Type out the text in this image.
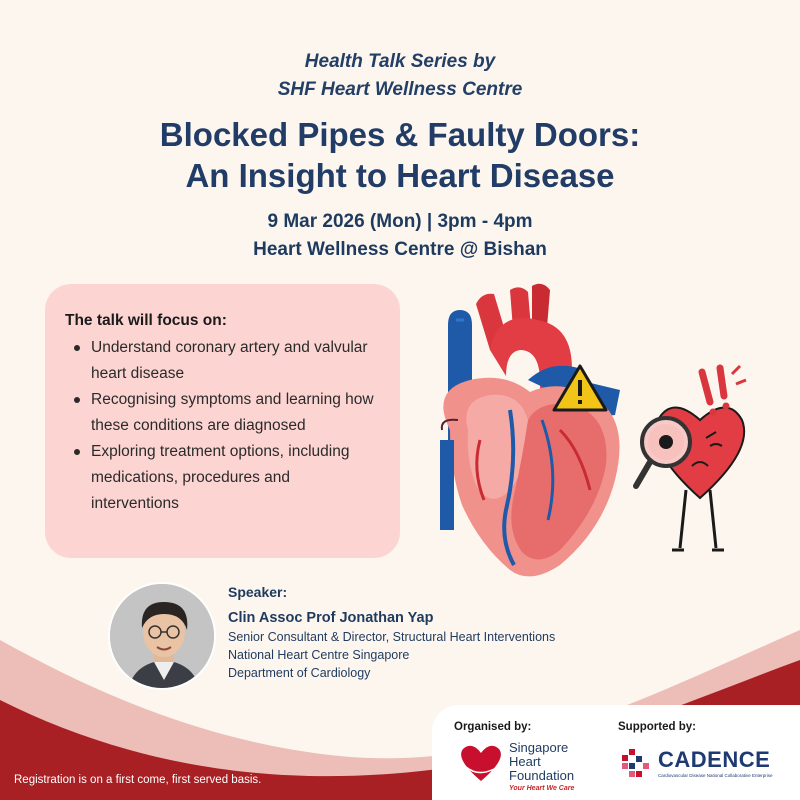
Health Talk Series by
SHF Heart Wellness Centre
Blocked Pipes & Faulty Doors:
An Insight to Heart Disease
9 Mar 2026 (Mon) | 3pm - 4pm
Heart Wellness Centre @ Bishan
The talk will focus on:
Understand coronary artery and valvular heart disease
Recognising symptoms and learning how these conditions are diagnosed
Exploring treatment options, including medications, procedures and interventions
Speaker:
Clin Assoc Prof Jonathan Yap
Senior Consultant & Director, Structural Heart Interventions
National Heart Centre Singapore
Department of Cardiology
Registration is on a first come, first served basis.
Organised by:	Supported by:
Singapore
Heart
Foundation
Your Heart We Care
CADENCE
Cardiovascular Disease National Collaborative Enterprise
